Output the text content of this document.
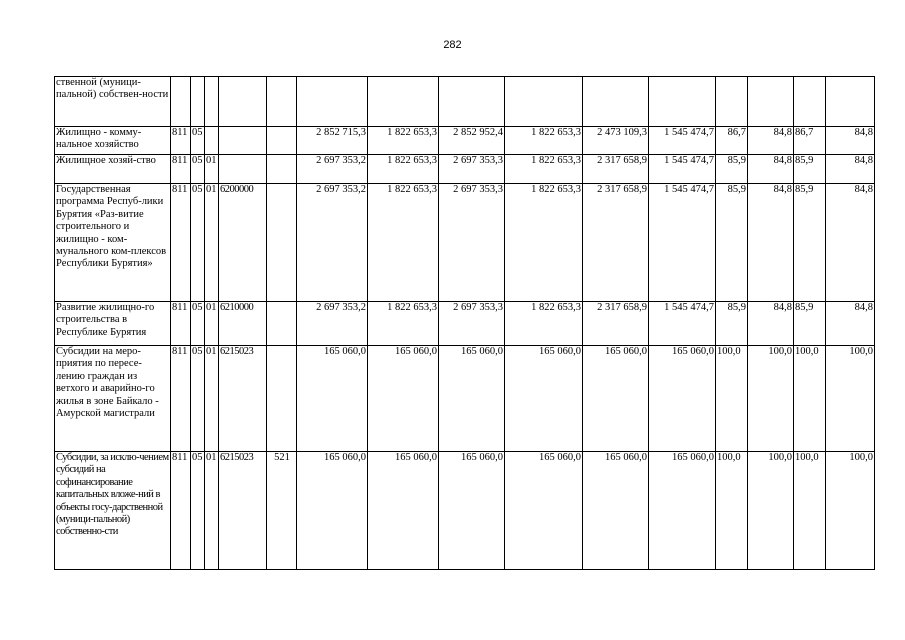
282
ственной (муници-пальной) собствен-ности															
Жилищно - комму-нальное хозяйство	811	05				2 852 715,3	1 822 653,3	2 852 952,4	1 822 653,3	2 473 109,3	1 545 474,7	86,7	84,8	86,7	84,8
Жилищное хозяй-ство	811	05	01			2 697 353,2	1 822 653,3	2 697 353,3	1 822 653,3	2 317 658,9	1 545 474,7	85,9	84,8	85,9	84,8
Государственная программа Респуб-лики Бурятия «Раз-витие строительного и жилищно - ком-мунального ком-плексов Республики Бурятия»	811	05	01	6200000		2 697 353,2	1 822 653,3	2 697 353,3	1 822 653,3	2 317 658,9	1 545 474,7	85,9	84,8	85,9	84,8
Развитие жилищно-го строительства в Республике Бурятия	811	05	01	6210000		2 697 353,2	1 822 653,3	2 697 353,3	1 822 653,3	2 317 658,9	1 545 474,7	85,9	84,8	85,9	84,8
Субсидии на меро-приятия по пересе-лению граждан из ветхого и аварийно-го жилья в зоне Байкало - Амурской магистрали	811	05	01	6215023		165 060,0	165 060,0	165 060,0	165 060,0	165 060,0	165 060,0	100,0	100,0	100,0	100,0
Субсидии, за исклю-чением субсидий на софинансирование капитальных вложе-ний в объекты госу-дарственной (муници-пальной) собственно-сти	811	05	01	6215023	521	165 060,0	165 060,0	165 060,0	165 060,0	165 060,0	165 060,0	100,0	100,0	100,0	100,0
